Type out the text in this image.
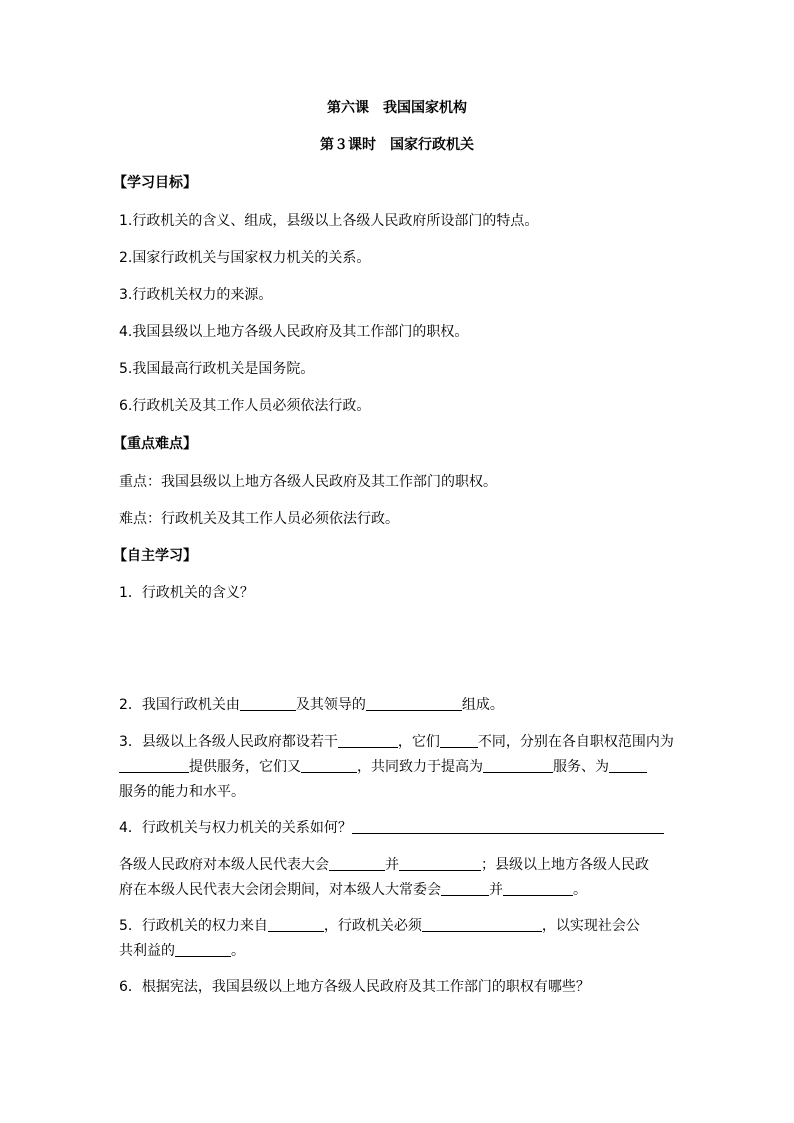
第六课　我国国家机构
第３课时　国家行政机关
【学习目标】
1.行政机关的含义、组成，县级以上各级人民政府所设部门的特点。
2.国家行政机关与国家权力机关的关系。
3.行政机关权力的来源。
4.我国县级以上地方各级人民政府及其工作部门的职权。
5.我国最高行政机关是国务院。
6.行政机关及其工作人员必须依法行政。
【重点难点】
重点：我国县级以上地方各级人民政府及其工作部门的职权。
难点：行政机关及其工作人员必须依法行政。
【自主学习】
1．行政机关的含义？
2．我国行政机关由	及其领导的	组成。
3．县级以上各级人民政府都设若干	，它们	不同，分别在各自职权范围内为
提供服务，它们又	，共同致力于提高为	服务、为
服务的能力和水平。
4．行政机关与权力机关的关系如何？
各级人民政府对本级人民代表大会	并	；县级以上地方各级人民政
府在本级人民代表大会闭会期间，对本级人大常委会	并	。
5．行政机关的权力来自	，行政机关必须	，以实现社会公
共利益的	。
6．根据宪法，我国县级以上地方各级人民政府及其工作部门的职权有哪些？
